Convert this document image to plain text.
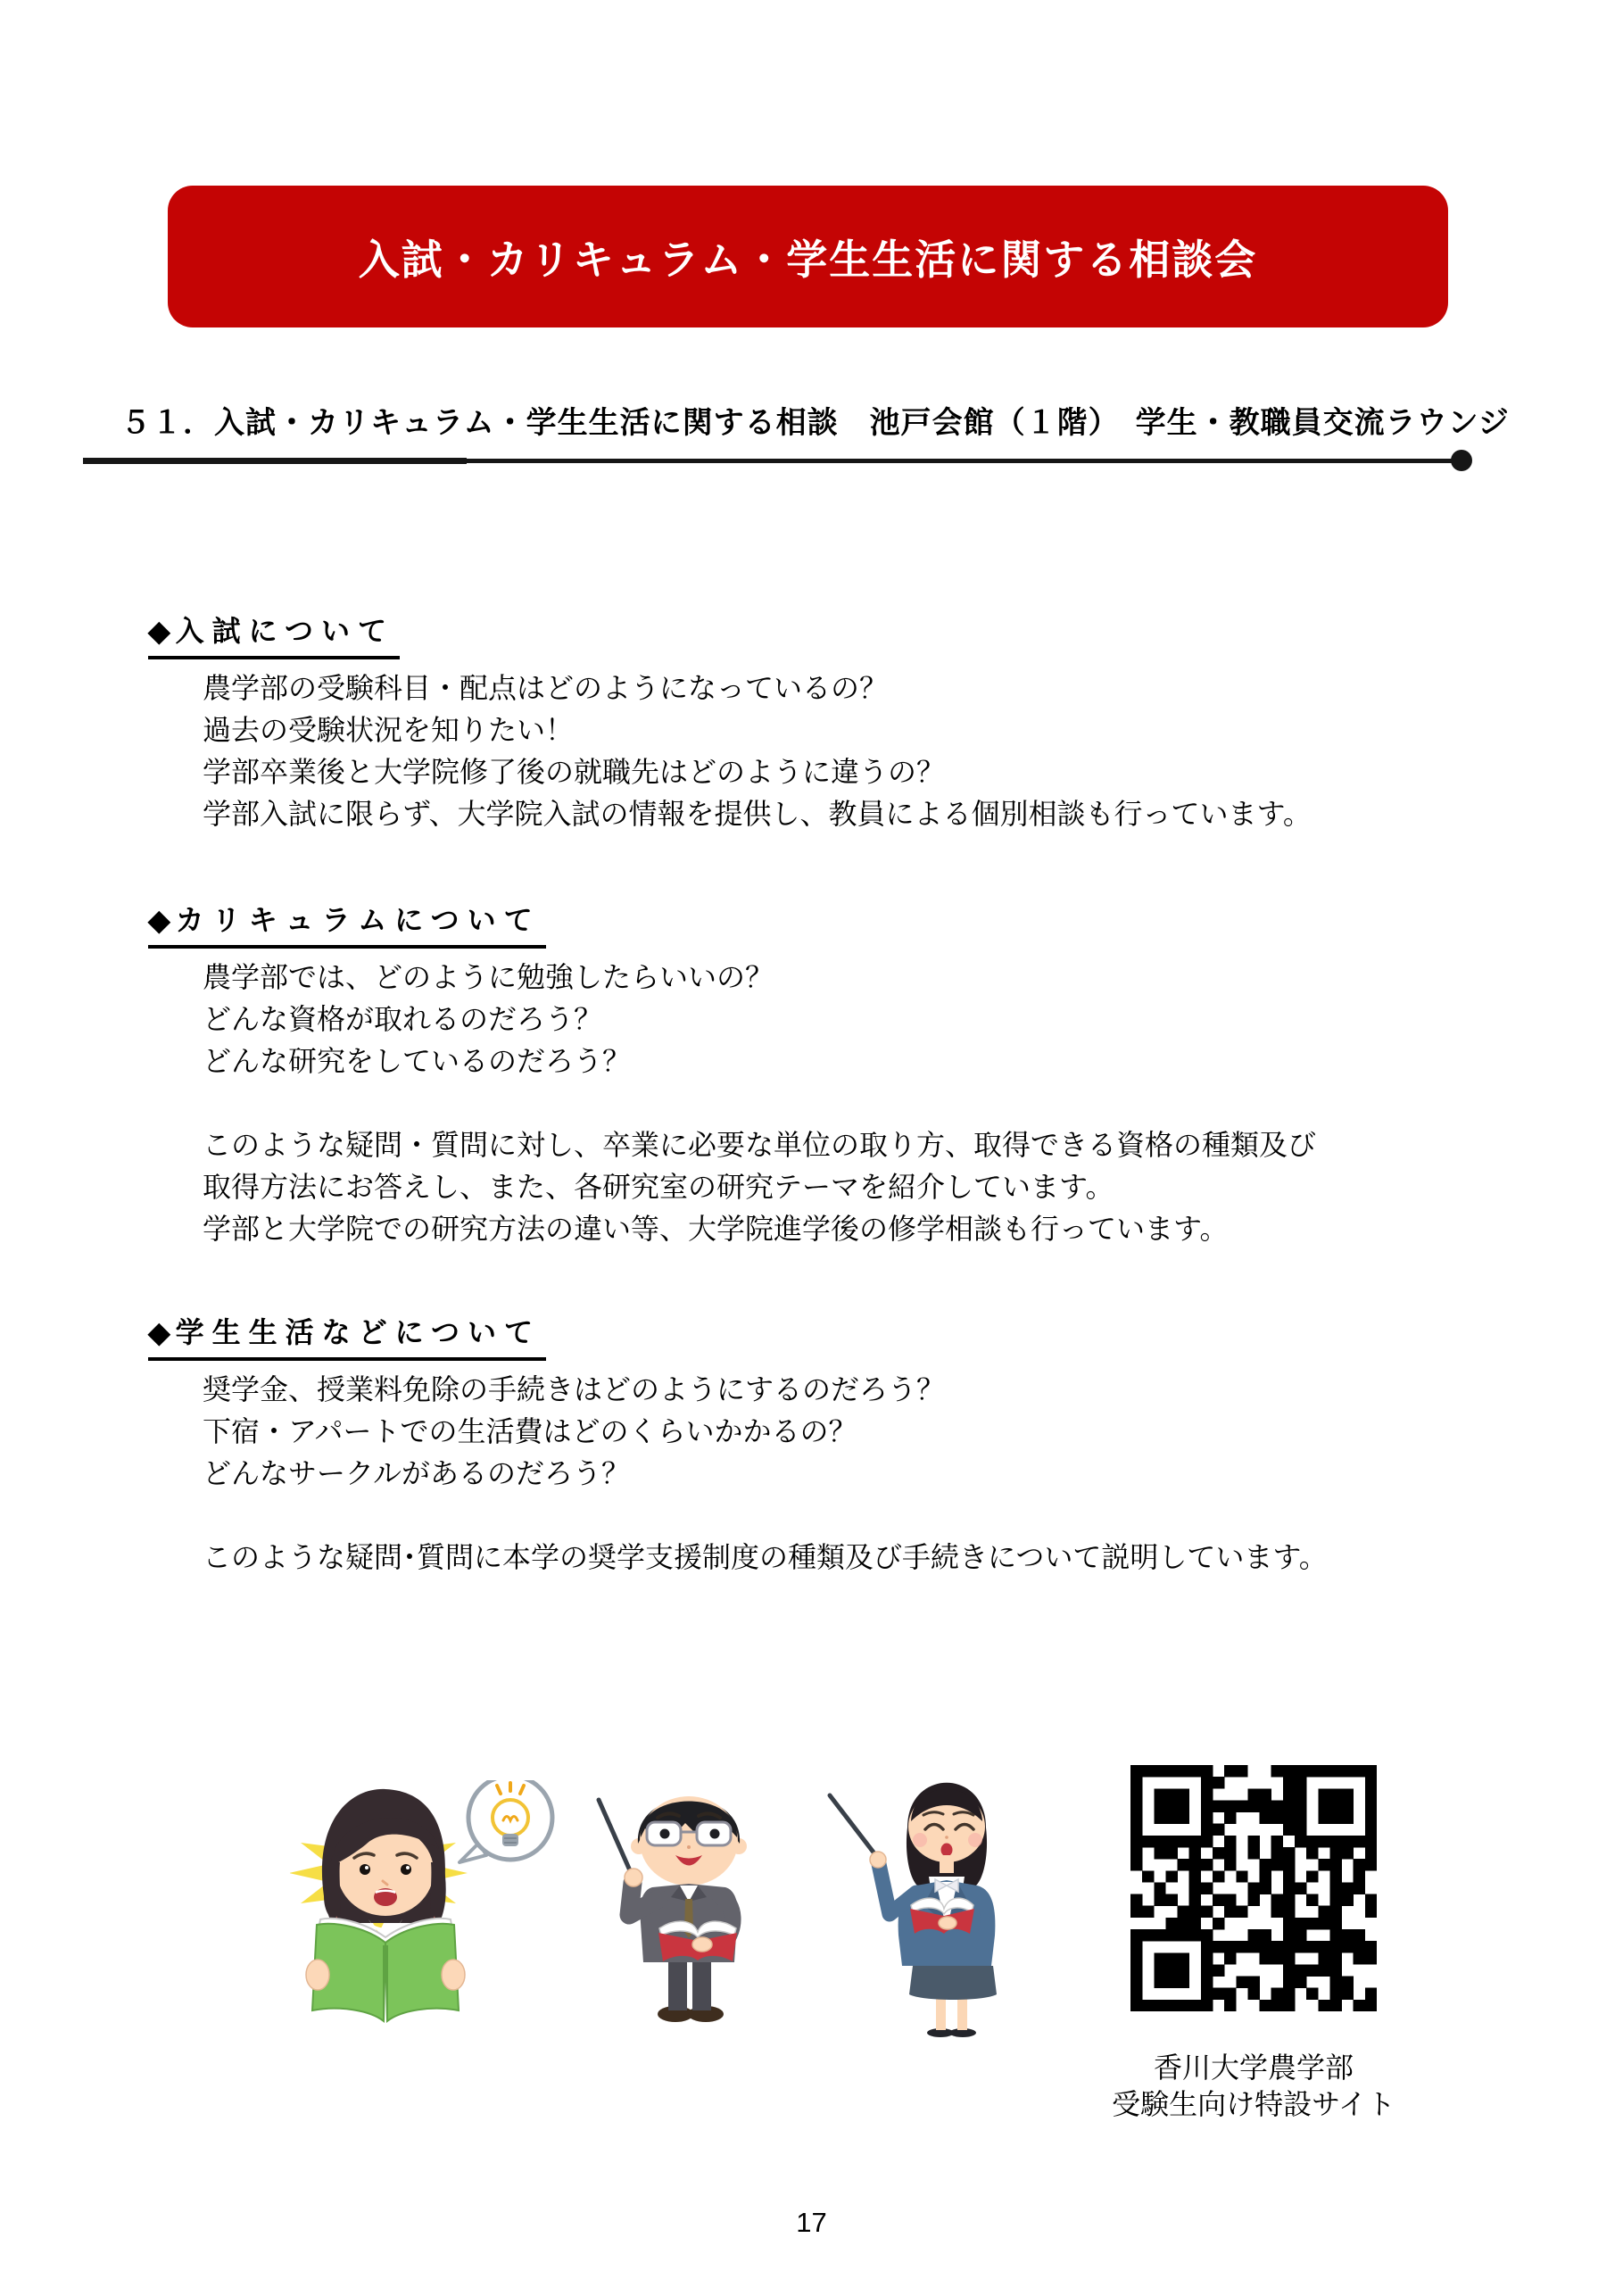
入試・カリキュラム・学生生活に関する相談会
５１．入試・カリキュラム・学生生活に関する相談　池戸会館（１階）　学生・教職員交流ラウンジ
◆ 入試について
農学部の受験科目・配点はどのようになっているの？
過去の受験状況を知りたい！
学部卒業後と大学院修了後の就職先はどのように違うの？
学部入試に限らず、大学院入試の情報を提供し、教員による個別相談も行っています。
◆ カリキュラムについて
農学部では、どのように勉強したらいいの？
どんな資格が取れるのだろう？
どんな研究をしているのだろう？
このような疑問・質問に対し、卒業に必要な単位の取り方、取得できる資格の種類及び
取得方法にお答えし、また、各研究室の研究テーマを紹介しています。
学部と大学院での研究方法の違い等、大学院進学後の修学相談も行っています。
◆ 学生生活などについて
奨学金、授業料免除の手続きはどのようにするのだろう？
下宿・アパートでの生活費はどのくらいかかるの？
どんなサークルがあるのだろう？
このような疑問･質問に本学の奨学支援制度の種類及び手続きについて説明しています。
香川大学農学部
受験生向け特設サイト
17
